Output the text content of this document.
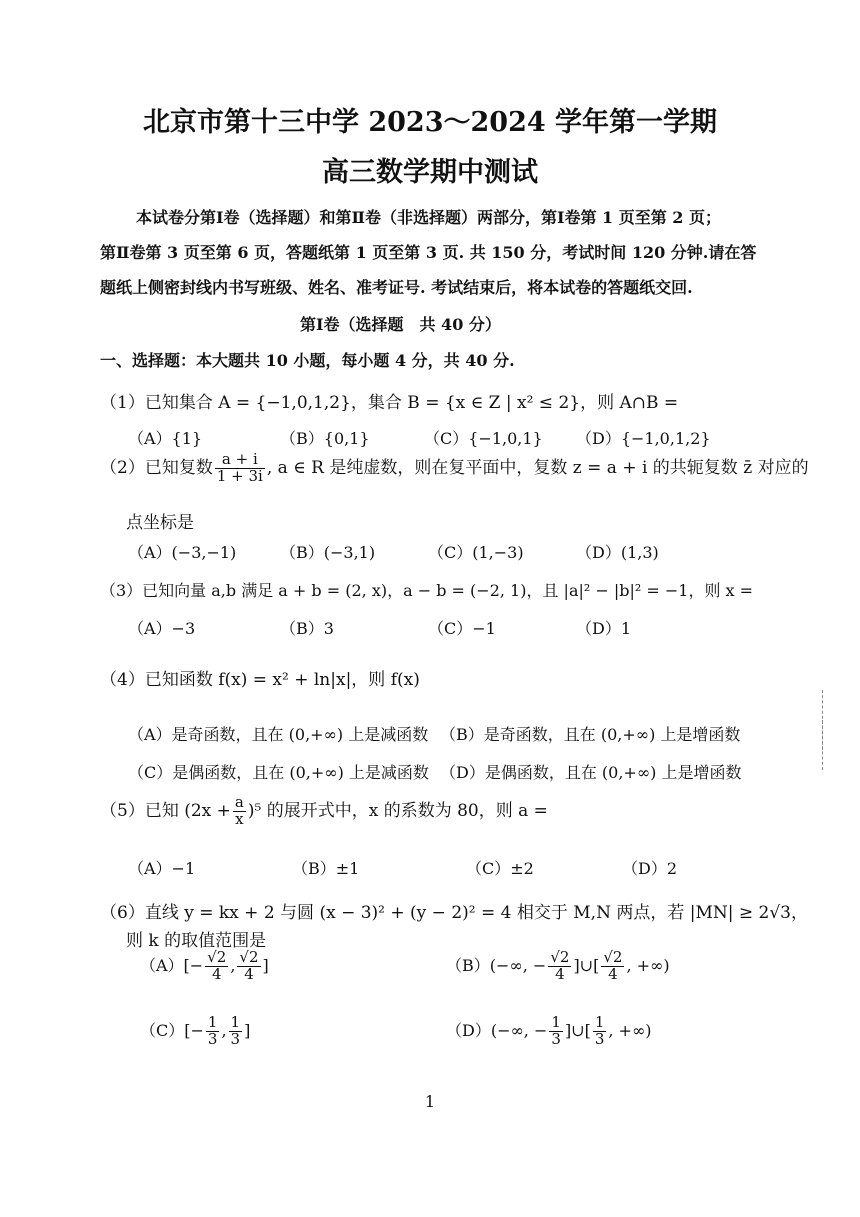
北京市第十三中学 2023～2024 学年第一学期
高三数学期中测试
本试卷分第Ⅰ卷（选择题）和第Ⅱ卷（非选择题）两部分，第Ⅰ卷第 1 页至第 2 页；
第Ⅱ卷第 3 页至第 6 页，答题纸第 1 页至第 3 页. 共 150 分，考试时间 120 分钟.请在答
题纸上侧密封线内书写班级、姓名、准考证号. 考试结束后，将本试卷的答题纸交回.
第Ⅰ卷（选择题　共 40 分）
一、选择题：本大题共 10 小题，每小题 4 分，共 40 分.
（1）已知集合 A = {−1,0,1,2}，集合 B = {x ∈ Z | x² ≤ 2}，则 A∩B =
（A）{1}	（B）{0,1}	（C）{−1,0,1} （D）{−1,0,1,2}
（2）已知复数 $\frac{a + i}{1 + 3i}$ , a ∈ R 是纯虚数，则在复平面中，复数 z = a + i 的共轭复数 z̄ 对应的
点坐标是
（A）(−3,−1)	（B）(−3,1)	（C）(1,−3)	（D）(1,3)
（3）已知向量 a,b 满足 a + b = (2, x)，a − b = (−2, 1)，且 |a|² − |b|² = −1，则 x =
（A）−3	（B）3	（C）−1	（D）1
（4）已知函数 f(x) = x² + ln|x|，则 f(x)
（A）是奇函数，且在 (0,+∞) 上是减函数 （B）是奇函数，且在 (0,+∞) 上是增函数
（C）是偶函数，且在 (0,+∞) 上是减函数 （D）是偶函数，且在 (0,+∞) 上是增函数
（5）已知 $(2x + \frac{a}{x} )^5$ 的展开式中，x 的系数为 80，则 a =
（A）−1	（B）±1	（C）±2	（D）2
（6）直线 y = kx + 2 与圆 (x − 3)² + (y − 2)² = 4 相交于 M,N 两点，若 |MN| ≥ 2√3，
则 k 的取值范围是
$(A)[- \frac{√2}{4}$ , $\frac{√2}{4}$ ]	（B）(−∞, − $\frac{√2}{4}$ ]∪[ $\frac{√2}{4}$ , +∞)
$(C)[- \frac{1}{3}$ , $\frac{1}{3}$ ]	（D）(−∞, − $\frac{1}{3}$ ]∪[ $\frac{1}{3}$ , +∞)
1
